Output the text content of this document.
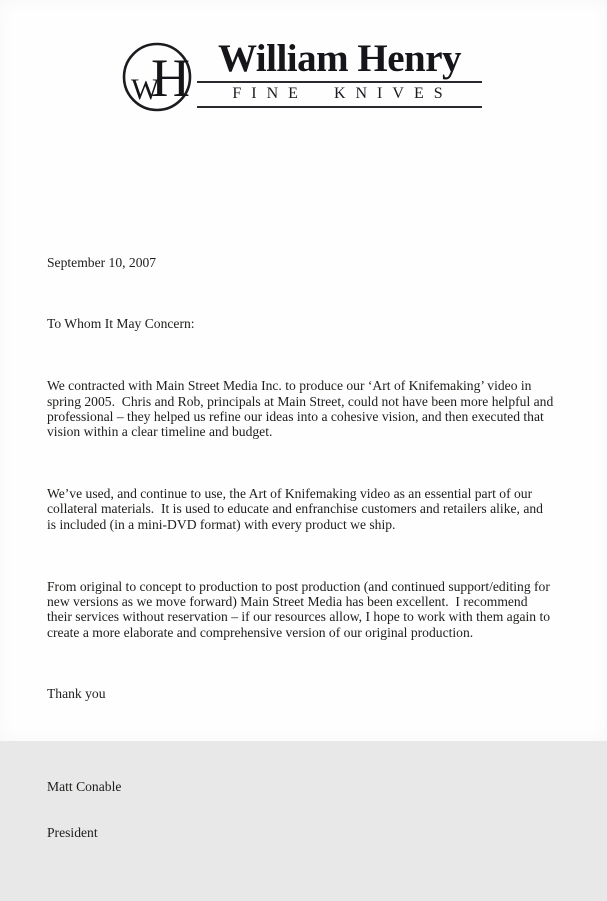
W
H William Henry
FINE KNIVES

September 10, 2007

To Whom It May Concern:

We contracted with Main Street Media Inc. to produce our ‘Art of Knifemaking’ video in spring 2005.  Chris and Rob, principals at Main Street, could not have been more helpful and professional – they helped us refine our ideas into a cohesive vision, and then executed that vision within a clear timeline and budget.

We’ve used, and continue to use, the Art of Knifemaking video as an essential part of our collateral materials.  It is used to educate and enfranchise customers and retailers alike, and is included (in a mini-DVD format) with every product we ship.

From original to concept to production to post production (and continued support/editing for new versions as we move forward) Main Street Media has been excellent.  I recommend their services without reservation – if our resources allow, I hope to work with them again to create a more elaborate and comprehensive version of our original production.

Thank you

Matt Conable

President
